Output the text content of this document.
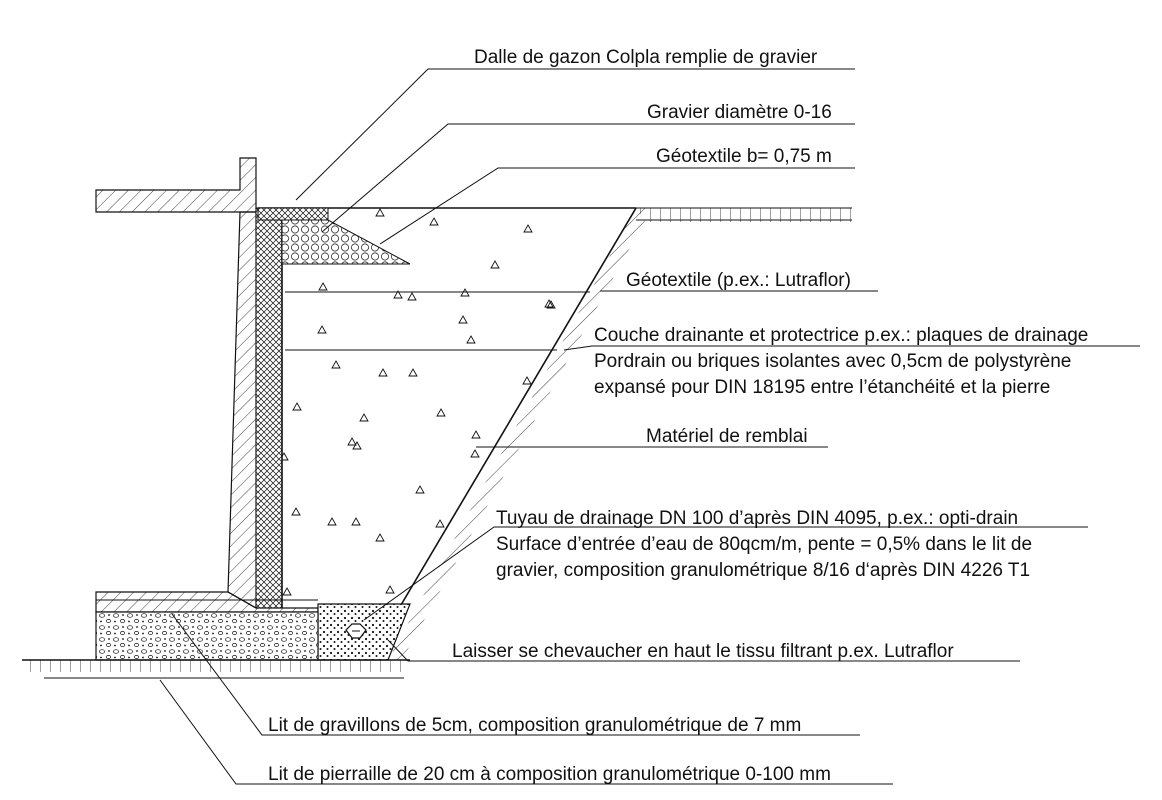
Dalle de gazon Colpla remplie de gravier
Gravier diamètre 0-16
Géotextile b= 0,75 m
Géotextile (p.ex.: Lutraflor)
Couche drainante et protectrice p.ex.: plaques de drainage
Pordrain ou briques isolantes avec 0,5cm de polystyrène
expansé pour DIN 18195 entre l’étanchéité et la pierre
Matériel de remblai
Tuyau de drainage DN 100 d’après DIN 4095, p.ex.: opti-drain
Surface d’entrée d’eau de 80qcm/m, pente = 0,5% dans le lit de
gravier, composition granulométrique 8/16 d‘après DIN 4226 T1
Laisser se chevaucher en haut le tissu filtrant p.ex. Lutraflor
Lit de gravillons de 5cm, composition granulométrique de 7 mm
Lit de pierraille de 20 cm à composition granulométrique 0-100 mm
